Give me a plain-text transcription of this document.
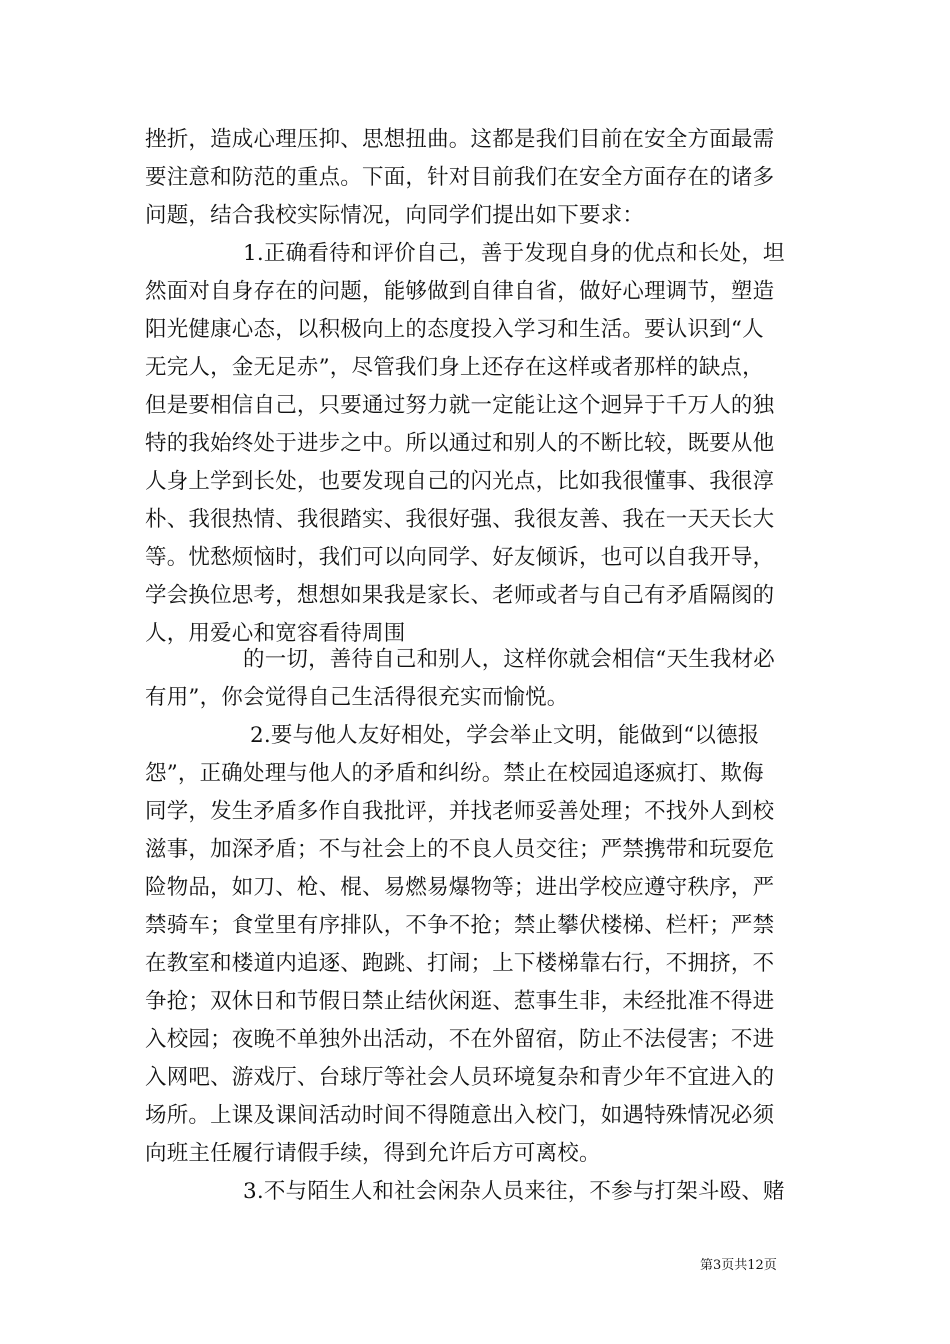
挫折，造成心理压抑、思想扭曲。这都是我们目前在安全方面最需
要注意和防范的重点。下面，针对目前我们在安全方面存在的诸多
问题，结合我校实际情况，向同学们提出如下要求：
1.正确看待和评价自己，善于发现自身的优点和长处，坦
然面对自身存在的问题，能够做到自律自省，做好心理调节，塑造
阳光健康心态，以积极向上的态度投入学习和生活。要认识到“人
无完人，金无足赤”，尽管我们身上还存在这样或者那样的缺点，
但是要相信自己，只要通过努力就一定能让这个迥异于千万人的独
特的我始终处于进步之中。所以通过和别人的不断比较，既要从他
人身上学到长处，也要发现自己的闪光点，比如我很懂事、我很淳
朴、我很热情、我很踏实、我很好强、我很友善、我在一天天长大
等。忧愁烦恼时，我们可以向同学、好友倾诉，也可以自我开导，
学会换位思考，想想如果我是家长、老师或者与自己有矛盾隔阂的
人，用爱心和宽容看待周围
的一切，善待自己和别人，这样你就会相信“天生我材必
有用”，你会觉得自己生活得很充实而愉悦。
2.要与他人友好相处，学会举止文明，能做到“以德报
怨”，正确处理与他人的矛盾和纠纷。禁止在校园追逐疯打、欺侮
同学，发生矛盾多作自我批评，并找老师妥善处理；不找外人到校
滋事，加深矛盾；不与社会上的不良人员交往；严禁携带和玩耍危
险物品，如刀、枪、棍、易燃易爆物等；进出学校应遵守秩序，严
禁骑车；食堂里有序排队，不争不抢；禁止攀伏楼梯、栏杆；严禁
在教室和楼道内追逐、跑跳、打闹；上下楼梯靠右行，不拥挤，不
争抢；双休日和节假日禁止结伙闲逛、惹事生非，未经批准不得进
入校园；夜晚不单独外出活动，不在外留宿，防止不法侵害；不进
入网吧、游戏厅、台球厅等社会人员环境复杂和青少年不宜进入的
场所。上课及课间活动时间不得随意出入校门，如遇特殊情况必须
向班主任履行请假手续，得到允许后方可离校。
3.不与陌生人和社会闲杂人员来往，不参与打架斗殴、赌
第3页共12页
